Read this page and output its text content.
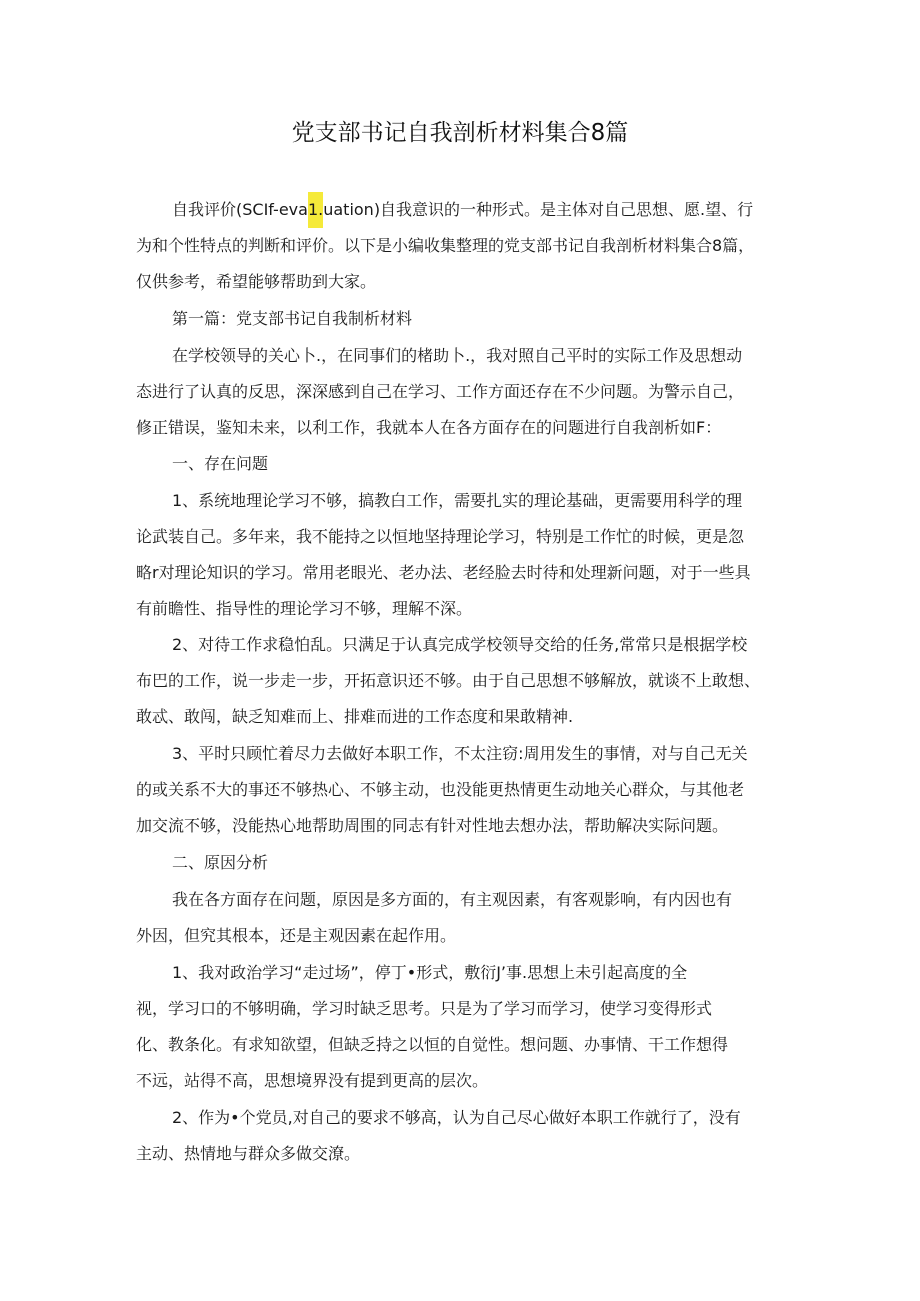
党支部书记自我剖析材料集合8篇
自我评价(SCIf-eva 1. uation)自我意识的一种形式。是主体对自己思想、愿.望、行
为和个性特点的判断和评价。以下是小编收集整理的党支部书记自我剖析材料集合8篇，
仅供参考，希望能够帮助到大家。
第一篇：党支部书记自我制析材料
在学校领导的关心卜.，在同事们的楮助卜.，我对照自己平时的实际工作及思想动
态进行了认真的反思，深深感到自己在学习、工作方面还存在不少问题。为警示自己，
修正错误，鉴知未来，以利工作，我就本人在各方面存在的问题进行自我剖析如F：
一、存在问题
1、系统地理论学习不够，搞教白工作，需要扎实的理论基础，更需要用科学的理
论武装自己。多年来，我不能持之以恒地坚持理论学习，特别是工作忙的时候，更是忽
略r对理论知识的学习。常用老眼光、老办法、老经脸去时待和处理新问题，对于一些具
有前瞻性、指导性的理论学习不够，理解不深。
2、对待工作求稳怕乱。只满足于认真完成学校领导交给的任务,常常只是根据学校
布巴的工作，说一步走一步，开拓意识还不够。由于自己思想不够解放，就谈不上敢想、
敢忒、敢闯，缺乏知难而上、排难而进的工作态度和果敢精神.
3、平时只顾忙着尽力去做好本职工作，不太注窃:周用发生的事情，对与自己无关
的或关系不大的事还不够热心、不够主动，也没能更热情更生动地关心群众，与其他老
加交流不够，没能热心地帮助周围的同志有针对性地去想办法，帮助解决实际问题。
二、原因分析
我在各方面存在问题，原因是多方面的，有主观因素，有客观影响，有内因也有
外因，但究其根本，还是主观因素在起作用。
1、我对政治学习“走过场”，停丁•形式，敷衍J’事.思想上未引起高度的全
视，学习口的不够明确，学习时缺乏思考。只是为了学习而学习，使学习变得形式
化、教条化。有求知欲望，但缺乏持之以恒的自觉性。想问题、办事情、干工作想得
不远，站得不高，思想境界没有提到更高的层次。
2、作为•个党员,对自己的要求不够高，认为自己尽心做好本职工作就行了，没有
主动、热情地与群众多做交潦。
